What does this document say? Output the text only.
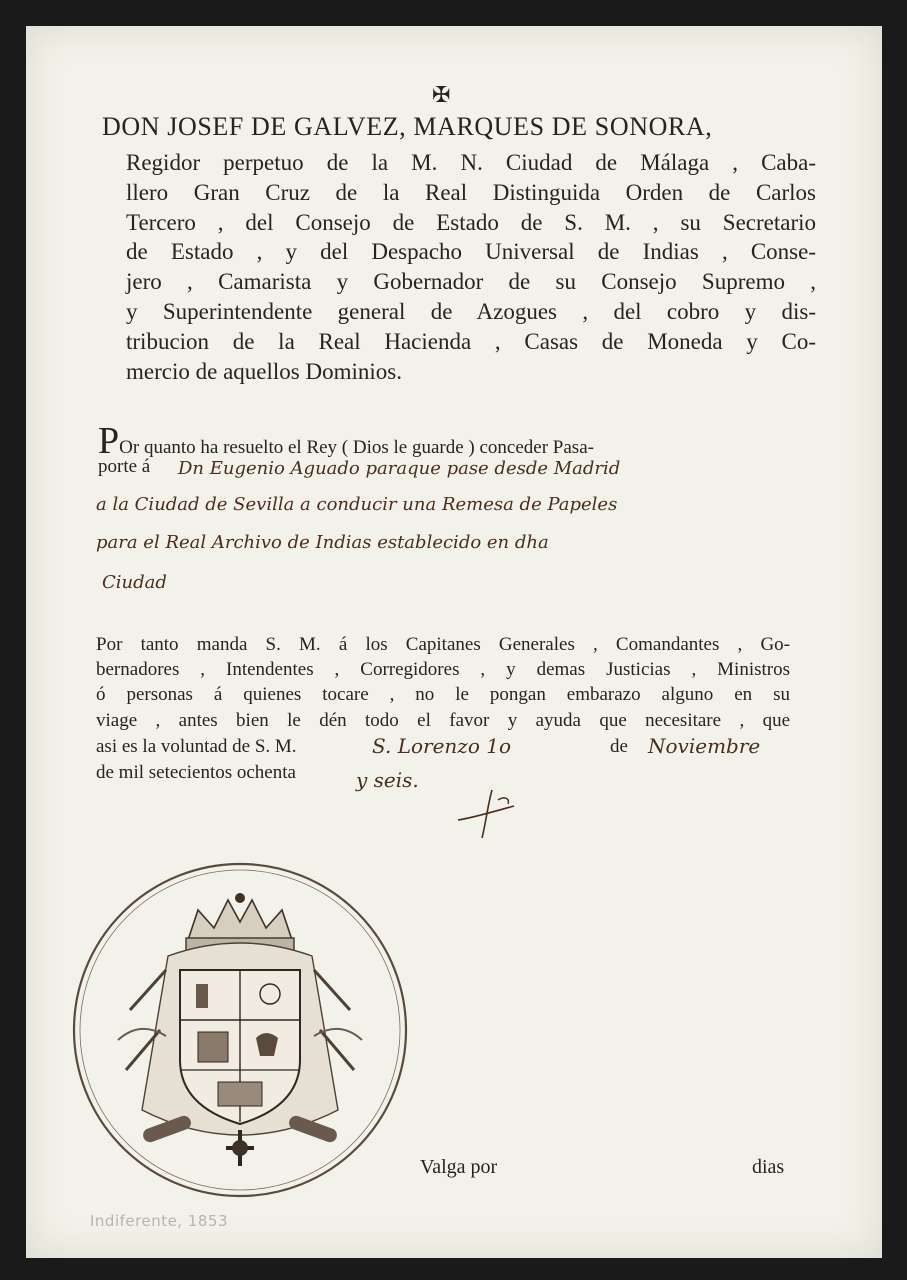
✠
DON JOSEF DE GALVEZ, MARQUES DE SONORA,
Regidor perpetuo de la M. N. Ciudad de Málaga , Caba-
llero Gran Cruz de la Real Distinguida Orden de Carlos
Tercero , del Consejo de Estado de S. M. , su Secretario
de Estado , y del Despacho Universal de Indias , Conse-
jero , Camarista y Gobernador de su Consejo Supremo ,
y Superintendente general de Azogues , del cobro y dis-
tribucion de la Real Hacienda , Casas de Moneda y Co-
mercio de aquellos Dominios.
POr quanto ha resuelto el Rey ( Dios le guarde ) conceder Pasa-
porte á Dn Eugenio Aguado paraque pase desde Madrid
a la Ciudad de Sevilla a conducir una Remesa de Papeles
para el Real Archivo de Indias establecido en dha
Ciudad
Por tanto manda S. M. á los Capitanes Generales , Comandantes , Go-
bernadores , Intendentes , Corregidores , y demas Justicias , Ministros
ó personas á quienes tocare , no le pongan embarazo alguno en su
viage , antes bien le dén todo el favor y ayuda que necesitare , que
asi es la voluntad de S. M.	S. Lorenzo 1o	de Noviembre
de mil setecientos ochenta	y seis.
Valga por	dias
Indiferente, 1853
